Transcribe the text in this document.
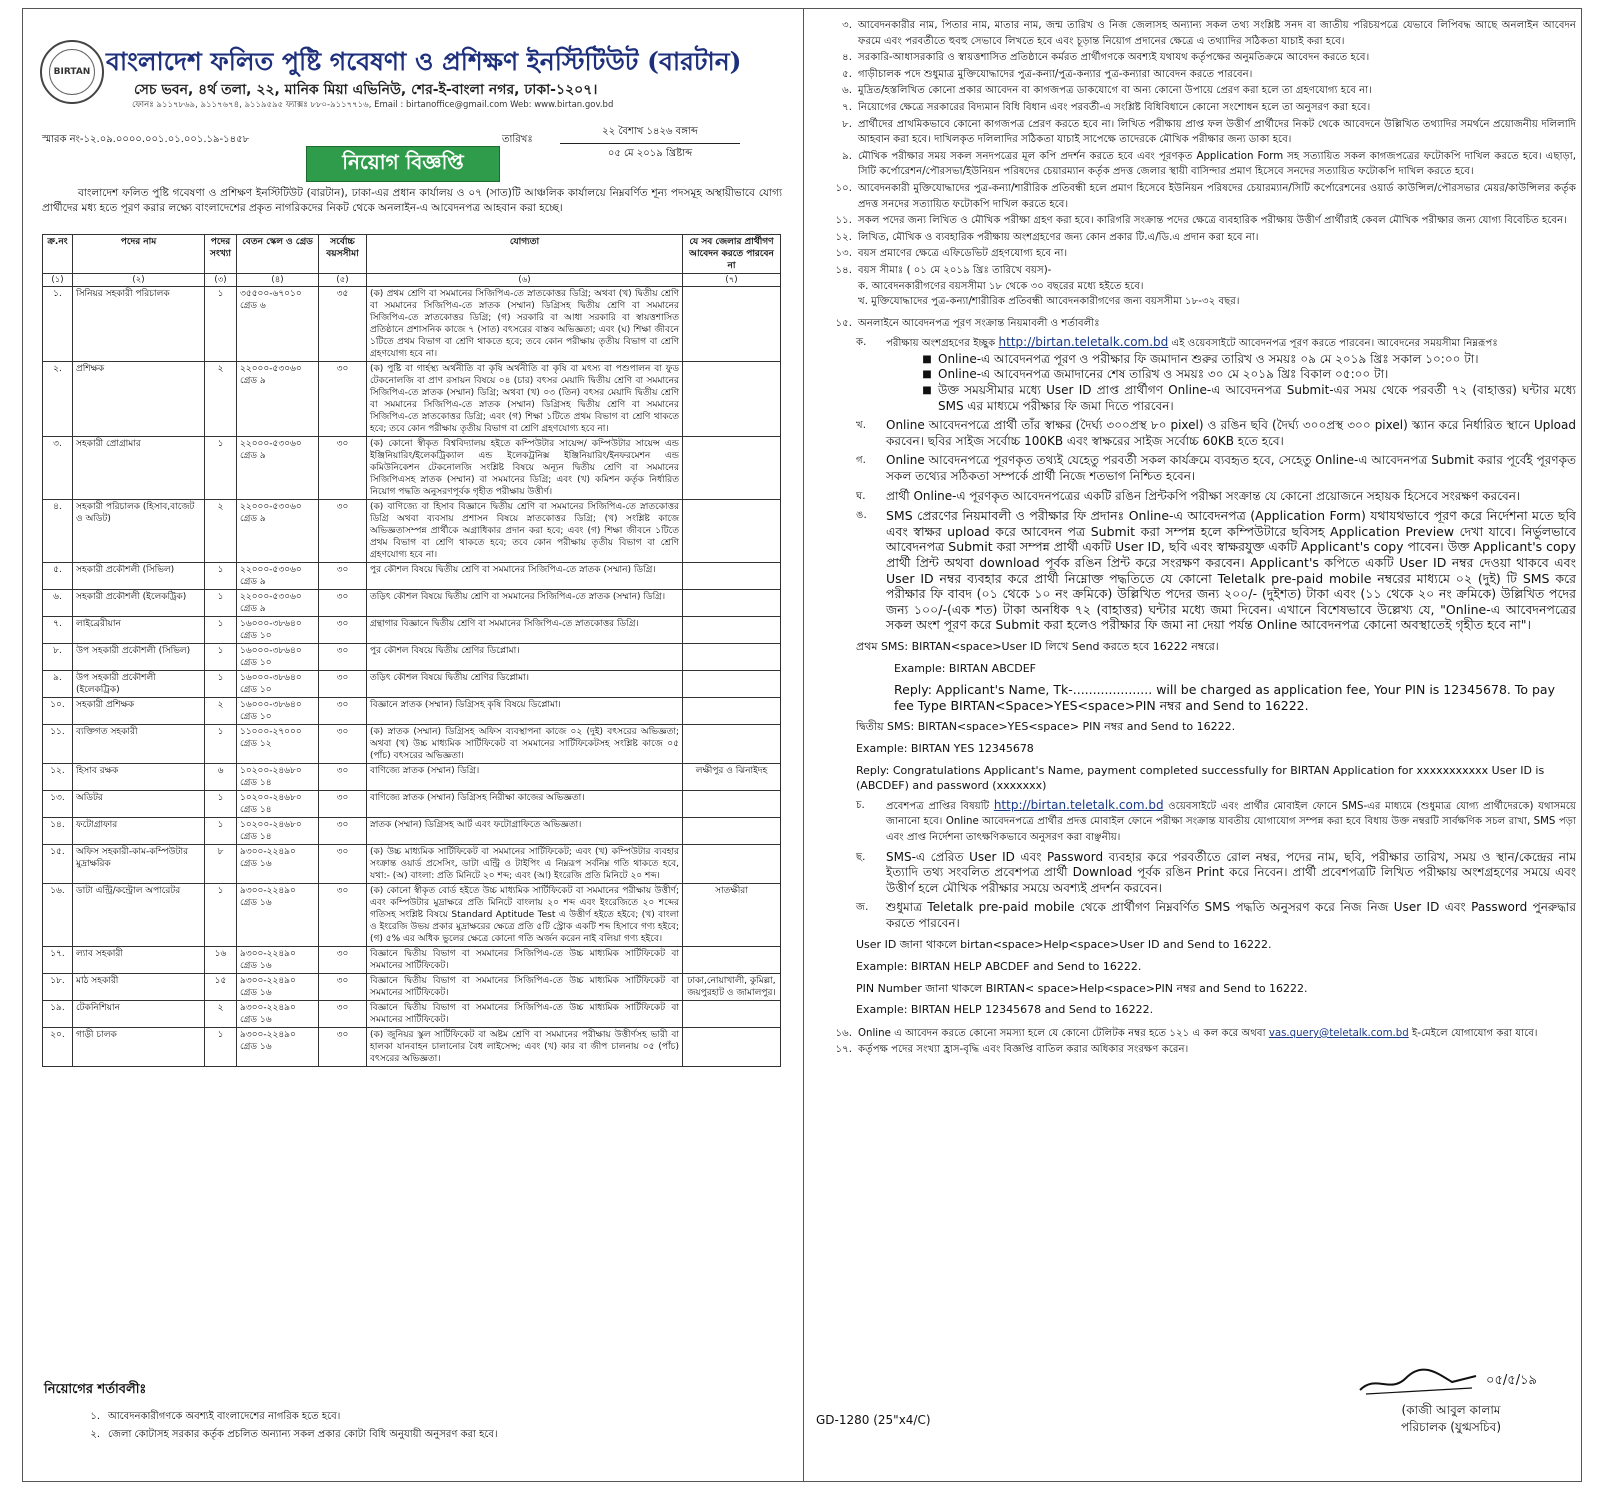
BIRTAN বাংলাদেশ ফলিত পুষ্টি গবেষণা ও প্রশিক্ষণ ইনস্টিটিউট (বারটান)
সেচ ভবন, ৪র্থ তলা, ২২, মানিক মিয়া এভিনিউ, শের-ই-বাংলা নগর, ঢাকা-১২০৭।
ফোনঃ ৯১১৭৮৬৯, ৯১১৭৬৭৪, ৯১১৯৫৯৫ ফ্যাক্সঃ ৮৮০-৯১১৭৭১৬, Email : birtanoffice@gmail.com Web: www.birtan.gov.bd
স্মারক নং-১২.০৯.০০০০.০০১.০১.০০১.১৯-১৪৫৮	তারিখঃ
২২ বৈশাখ ১৪২৬ বঙ্গাব্দ
০৫ মে ২০১৯ খ্রিষ্টাব্দ
নিয়োগ বিজ্ঞপ্তি
বাংলাদেশ ফলিত পুষ্টি গবেষণা ও প্রশিক্ষণ ইনস্টিটিউট (বারটান), ঢাকা-এর প্রধান কার্যালয় ও ০৭ (সাত)টি আঞ্চলিক কার্যালয়ে নিম্নবর্ণিত শূন্য পদসমূহ অস্থায়ীভাবে যোগ্য প্রার্থীদের মধ্য হতে পূরণ করার লক্ষ্যে বাংলাদেশের প্রকৃত নাগরিকদের নিকট থেকে অনলাইন-এ আবেদনপত্র আহবান করা হচ্ছে।
ক্র.নং	পদের নাম	পদের সংখ্যা	বেতন স্কেল ও গ্রেড	সর্বোচ্চ বয়সসীমা	যোগ্যতা	যে সব জেলার প্রার্থীগণ আবেদন করতে পারবেন না
(১)	(২)	(৩)	(৪)	(৫)	(৬)	(৭)
১.	সিনিয়র সহকারী পরিচালক	১	৩৫৫০০-৬৭০১০ গ্রেড ৬	৩৫	(ক) প্রথম শ্রেণি বা সমমানের সিজিপিএ-তে স্নাতকোত্তর ডিগ্রি; অথবা (খ) দ্বিতীয় শ্রেণি বা সমমানের সিজিপিএ-তে স্নাতক (সম্মান) ডিগ্রিসহ দ্বিতীয় শ্রেণি বা সমমানের সিজিপিএ-তে স্নাতকোত্তর ডিগ্রি; (গ) সরকারি বা আধা সরকারি বা স্বায়ত্তশাসিত প্রতিষ্ঠানে প্রশাসনিক কাজে ৭ (সাত) বৎসরের বাস্তব অভিজ্ঞতা; এবং (ঘ) শিক্ষা জীবনে ১টিতে প্রথম বিভাগ বা শ্রেণি থাকতে হবে; তবে কোন পরীক্ষায় তৃতীয় বিভাগ বা শ্রেণি গ্রহণযোগ্য হবে না।	
২.	প্রশিক্ষক	২	২২০০০-৫৩০৬০ গ্রেড ৯	৩০	(ক) পুষ্টি বা গার্হস্থ্য অর্থনীতি বা কৃষি অর্থনীতি বা কৃষি বা মৎস্য বা পশুপালন বা ফুড টেকনোলজি বা প্রাণ রসায়ন বিষয়ে ০৪ (চার) বৎসর মেয়াদি দ্বিতীয় শ্রেণি বা সমমানের সিজিপিএ-তে স্নাতক (সম্মান) ডিগ্রি; অথবা (খ) ০৩ (তিন) বৎসর মেয়াদি দ্বিতীয় শ্রেণি বা সমমানের সিজিপিএ-তে স্নাতক (সম্মান) ডিগ্রিসহ দ্বিতীয় শ্রেণি বা সমমানের সিজিপিএ-তে স্নাতকোত্তর ডিগ্রি; এবং (গ) শিক্ষা ১টিতে প্রথম বিভাগ বা শ্রেণি থাকতে হবে; তবে কোন পরীক্ষায় তৃতীয় বিভাগ বা শ্রেণি গ্রহণযোগ্য হবে না।	
৩.	সহকারী প্রোগ্রামার	১	২২০০০-৫৩০৬০ গ্রেড ৯	৩০	(ক) কোনো স্বীকৃত বিশ্ববিদ্যালয় হইতে কম্পিউটার সায়েন্স/ কম্পিউটার সায়েন্স এন্ড ইঞ্জিনিয়ারিং/ইলেকট্রিক্যাল এন্ড ইলেকট্রনিক্স ইঞ্জিনিয়ারিং/ইনফরমেশন এন্ড কমিউনিকেশন টেকনোলজি সংশ্লিষ্ট বিষয়ে অন্যূন দ্বিতীয় শ্রেণি বা সমমানের সিজিপিএসহ স্নাতক (সম্মান) বা সমমানের ডিগ্রি; এবং (খ) কমিশন কর্তৃক নির্ধারিত নিয়োগ পদ্ধতি অনুসরণপূর্বক গৃহীত পরীক্ষায় উত্তীর্ণ।	
৪.	সহকারী পরিচালক (হিসাব,বাজেট ও অডিট)	২	২২০০০-৫৩০৬০ গ্রেড ৯	৩০	(ক) বাণিজ্যে বা হিসাব বিজ্ঞানে দ্বিতীয় শ্রেণি বা সমমানের সিজিপিএ-তে স্নাতকোত্তর ডিগ্রি অথবা ব্যবসায় প্রশাসন বিষয়ে স্নাতকোত্তর ডিগ্রি; (খ) সংশ্লিষ্ট কাজে অভিজ্ঞতাসম্পন্ন প্রার্থীকে অগ্রাধিকার প্রদান করা হবে; এবং (গ) শিক্ষা জীবনে ১টিতে প্রথম বিভাগ বা শ্রেণি থাকতে হবে; তবে কোন পরীক্ষায় তৃতীয় বিভাগ বা শ্রেণি গ্রহণযোগ্য হবে না।	
৫.	সহকারী প্রকৌশলী (সিভিল)	১	২২০০০-৫৩০৬০ গ্রেড ৯	৩০	পুর কৌশল বিষয়ে দ্বিতীয় শ্রেণি বা সমমানের সিজিপিএ-তে স্নাতক (সম্মান) ডিগ্রি।	
৬.	সহকারী প্রকৌশলী (ইলেকট্রিক)	১	২২০০০-৫৩০৬০ গ্রেড ৯	৩০	তড়িৎ কৌশল বিষয়ে দ্বিতীয় শ্রেণি বা সমমানের সিজিপিএ-তে স্নাতক (সম্মান) ডিগ্রি।	
৭.	লাইব্রেরীয়ান	১	১৬০০০-৩৮৬৪০ গ্রেড ১০	৩০	গ্রন্থাগার বিজ্ঞানে দ্বিতীয় শ্রেণি বা সমমানের সিজিপিএ-তে স্নাতকোত্তর ডিগ্রি।	
৮.	উপ সহকারী প্রকৌশলী (সিভিল)	১	১৬০০০-৩৮৬৪০ গ্রেড ১০	৩০	পুর কৌশল বিষয়ে দ্বিতীয় শ্রেণির ডিপ্লোমা।	
৯.	উপ সহকারী প্রকৌশলী (ইলেকট্রিক)	১	১৬০০০-৩৮৬৪০ গ্রেড ১০	৩০	তড়িৎ কৌশল বিষয়ে দ্বিতীয় শ্রেণির ডিপ্লোমা।	
১০.	সহকারী প্রশিক্ষক	২	১৬০০০-৩৮৬৪০ গ্রেড ১০	৩০	বিজ্ঞানে স্নাতক (সম্মান) ডিগ্রিসহ কৃষি বিষয়ে ডিপ্লোমা।	
১১.	ব্যক্তিগত সহকারী	১	১১০০০-২৭০০০ গ্রেড ১২	৩০	(ক) স্নাতক (সম্মান) ডিগ্রিসহ অফিস ব্যবস্থাপনা কাজে ০২ (দুই) বৎসরের অভিজ্ঞতা; অথবা (খ) উচ্চ মাধ্যমিক সার্টিফিকেট বা সমমানের সার্টিফিকেটসহ সংশ্লিষ্ট কাজে ০৫ (পাঁচ) বৎসরের অভিজ্ঞতা।	
১২.	হিসাব রক্ষক	৬	১০২০০-২৪৬৮০ গ্রেড ১৪	৩০	বাণিজ্যে স্নাতক (সম্মান) ডিগ্রি।	লক্ষীপুর ও ঝিনাইদহ
১৩.	অডিটর	১	১০২০০-২৪৬৮০ গ্রেড ১৪	৩০	বাণিজ্যে স্নাতক (সম্মান) ডিগ্রিসহ নিরীক্ষা কাজের অভিজ্ঞতা।	
১৪.	ফটোগ্রাফার	১	১০২০০-২৪৬৮০ গ্রেড ১৪	৩০	স্নাতক (সম্মান) ডিগ্রিসহ আর্ট এবং ফটোগ্রাফিতে অভিজ্ঞতা।	
১৫.	অফিস সহকারী-কাম-কম্পিউটার মুদ্রাক্ষরিক	৮	৯৩০০-২২৪৯০ গ্রেড ১৬	৩০	(ক) উচ্চ মাধ্যমিক সার্টিফিকেট বা সমমানের সার্টিফিকেট; এবং (খ) কম্পিউটার ব্যবহার সংক্রান্ত ওয়ার্ড প্রসেসিং, ডাটা এন্ট্রি ও টাইপিং এ নিম্নরূপ সর্বনিম্ন গতি থাকতে হবে, যথা:- (অ) বাংলা: প্রতি মিনিটে ২০ শব্দ; এবং (আ) ইংরেজি প্রতি মিনিটে ২০ শব্দ।	
১৬.	ডাটা এন্ট্রি/কন্ট্রোল অপারেটর	১	৯৩০০-২২৪৯০ গ্রেড ১৬	৩০	(ক) কোনো স্বীকৃত বোর্ড হইতে উচ্চ মাধ্যমিক সার্টিফিকেট বা সমমানের পরীক্ষায় উত্তীর্ণ; এবং কম্পিউটার মুদ্রাক্ষরে প্রতি মিনিটে বাংলায় ২০ শব্দ এবং ইংরেজিতে ২০ শব্দের গতিসহ সংশ্লিষ্ট বিষয়ে Standard Aptitude Test এ উত্তীর্ণ হইতে হইবে; (খ) বাংলা ও ইংরেজি উভয় প্রকার মুদ্রাক্ষরের ক্ষেত্রে প্রতি ৫টি স্ট্রোক একটি শব্দ হিসাবে গণ্য হইবে; (গ) ৫% এর অধিক ভুলের ক্ষেত্রে কোনো গতি অর্জন করেন নাই বলিয়া গণ্য হইবে।	সাতক্ষীরা
১৭.	ল্যাব সহকারী	১৬	৯৩০০-২২৪৯০ গ্রেড ১৬	৩০	বিজ্ঞানে দ্বিতীয় বিভাগ বা সমমানের সিজিপিএ-তে উচ্চ মাধ্যমিক সার্টিফিকেট বা সমমানের সার্টিফিকেট।	
১৮.	মাঠ সহকারী	১৫	৯৩০০-২২৪৯০ গ্রেড ১৬	৩০	বিজ্ঞানে দ্বিতীয় বিভাগ বা সমমানের সিজিপিএ-তে উচ্চ মাধ্যমিক সার্টিফিকেট বা সমমানের সার্টিফিকেট।	ঢাকা,নোয়াখালী, কুমিল্লা, জয়পুরহাট ও জামালপুর।
১৯.	টেকনিশিয়ান	২	৯৩০০-২২৪৯০ গ্রেড ১৬	৩০	বিজ্ঞানে দ্বিতীয় বিভাগ বা সমমানের সিজিপিএ-তে উচ্চ মাধ্যমিক সার্টিফিকেট বা সমমানের সার্টিফিকেট।	
২০.	গাড়ী চালক	১	৯৩০০-২২৪৯০ গ্রেড ১৬	৩০	(ক) জুনিয়র স্কুল সার্টিফিকেট বা অষ্টম শ্রেণি বা সমমানের পরীক্ষায় উত্তীর্ণসহ ভারী বা হালকা যানবাহন চালানোর বৈধ লাইসেন্স; এবং (খ) কার বা জীপ চালনায় ০৫ (পাঁচ) বৎসরের অভিজ্ঞতা।	
নিয়োগের শর্তাবলীঃ
১. আবেদনকারীগণকে অবশ্যই বাংলাদেশের নাগরিক হতে হবে।
২. জেলা কোটাসহ সরকার কর্তৃক প্রচলিত অন্যান্য সকল প্রকার কোটা বিধি অনুযায়ী অনুসরণ করা হবে।
৩. আবেদনকারীর নাম, পিতার নাম, মাতার নাম, জন্ম তারিখ ও নিজ জেলাসহ অন্যান্য সকল তথ্য সংশ্লিষ্ট সনদ বা জাতীয় পরিচয়পত্রে যেভাবে লিপিবদ্ধ আছে অনলাইন আবেদন ফরমে এবং পরবর্তীতে হুবহু সেভাবে লিখতে হবে এবং চূড়ান্ত নিয়োগ প্রদানের ক্ষেত্রে এ তথ্যাদির সঠিকতা যাচাই করা হবে।
৪. সরকারি-আধাসরকারি ও স্বায়ত্তশাসিত প্রতিষ্ঠানে কর্মরত প্রার্থীগণকে অবশ্যই যথাযথ কর্তৃপক্ষের অনুমতিক্রমে আবেদন করতে হবে।
৫. গাড়ীচালক পদে শুধুমাত্র মুক্তিযোদ্ধাদের পুত্র-কন্যা/পুত্র-কন্যার পুত্র-কন্যারা আবেদন করতে পারবেন।
৬. মুদ্রিত/হস্তলিখিত কোনো প্রকার আবেদন বা কাগজপত্র ডাকযোগে বা অন্য কোনো উপায়ে প্রেরণ করা হলে তা গ্রহণযোগ্য হবে না।
৭. নিয়োগের ক্ষেত্রে সরকারের বিদ্যমান বিধি বিধান এবং পরবর্তী-এ সংশ্লিষ্ট বিধিবিধানে কোনো সংশোধন হলে তা অনুসরণ করা হবে।
৮. প্রার্থীদের প্রাথমিকভাবে কোনো কাগজপত্র প্রেরণ করতে হবে না। লিখিত পরীক্ষায় প্রাপ্ত ফল উত্তীর্ণ প্রার্থীদের নিকট থেকে আবেদনে উল্লিখিত তথ্যাদির সমর্থনে প্রয়োজনীয় দলিলাদি আহবান করা হবে। দাখিলকৃত দলিলাদির সঠিকতা যাচাই সাপেক্ষে তাদেরকে মৌখিক পরীক্ষার জন্য ডাকা হবে।
৯. মৌখিক পরীক্ষার সময় সকল সনদপত্রের মূল কপি প্রদর্শন করতে হবে এবং পূরণকৃত Application Form সহ সত্যায়িত সকল কাগজপত্রের ফটোকপি দাখিল করতে হবে। এছাড়া, সিটি কর্পোরেশন/পৌরসভা/ইউনিয়ন পরিষদের চেয়ারম্যান কর্তৃক প্রদত্ত জেলার স্থায়ী বাসিন্দার প্রমাণ হিসেবে সনদের সত্যায়িত ফটোকপি দাখিল করতে হবে।
১০. আবেদনকারী মুক্তিযোদ্ধাদের পুত্র-কন্যা/শারীরিক প্রতিবন্ধী হলে প্রমাণ হিসেবে ইউনিয়ন পরিষদের চেয়ারম্যান/সিটি কর্পোরেশনের ওয়ার্ড কাউন্সিল/পৌরসভার মেয়র/কাউন্সিলর কর্তৃক প্রদত্ত সনদের সত্যায়িত ফটোকপি দাখিল করতে হবে।
১১. সকল পদের জন্য লিখিত ও মৌখিক পরীক্ষা গ্রহণ করা হবে। কারিগরি সংক্রান্ত পদের ক্ষেত্রে ব্যবহারিক পরীক্ষায় উত্তীর্ণ প্রার্থীরাই কেবল মৌখিক পরীক্ষার জন্য যোগ্য বিবেচিত হবেন।
১২. লিখিত, মৌখিক ও ব্যবহারিক পরীক্ষায় অংশগ্রহণের জন্য কোন প্রকার টি.এ/ডি.এ প্রদান করা হবে না।
১৩. বয়স প্রমাণের ক্ষেত্রে এফিডেভিট গ্রহণযোগ্য হবে না।
১৪. বয়স সীমাঃ ( ০১ মে ২০১৯ খ্রিঃ তারিখে বয়স)-
ক. আবেদনকারীগণের বয়সসীমা ১৮ থেকে ৩০ বছরের মধ্যে হইতে হবে।
খ. মুক্তিযোদ্ধাদের পুত্র-কন্যা/শারীরিক প্রতিবন্ধী আবেদনকারীগণের জন্য বয়সসীমা ১৮-৩২ বছর।
১৫. অনলাইনে আবেদনপত্র পূরণ সংক্রান্ত নিয়মাবলী ও শর্তাবলীঃ
ক.	পরীক্ষায় অংশগ্রহণের ইচ্ছুক http://birtan.teletalk.com.bd এই ওয়েবসাইটে আবেদনপত্র পূরণ করতে পারবেন। আবেদনের সময়সীমা নিম্নরূপঃ
■ Online-এ আবেদনপত্র পূরণ ও পরীক্ষার ফি জমাদান শুরুর তারিখ ও সময়ঃ ০৯ মে ২০১৯ খ্রিঃ সকাল ১০:০০ টা।
■ Online-এ আবেদনপত্র জমাদানের শেষ তারিখ ও সময়ঃ ৩০ মে ২০১৯ খ্রিঃ বিকাল ০৫:০০ টা।
■ উক্ত সময়সীমার মধ্যে User ID প্রাপ্ত প্রার্থীগণ Online-এ আবেদনপত্র Submit-এর সময় থেকে পরবর্তী ৭২ (বাহাত্তর) ঘন্টার মধ্যে SMS এর মাধ্যমে পরীক্ষার ফি জমা দিতে পারবেন।
খ.	Online আবেদনপত্রে প্রার্থী তাঁর স্বাক্ষর (দৈর্ঘ্য ৩০০প্রস্থ ৮০ pixel) ও রঙিন ছবি (দৈর্ঘ্য ৩০০প্রস্থ ৩০০ pixel) স্ক্যান করে নির্ধারিত স্থানে Upload করবেন। ছবির সাইজ সর্বোচ্চ 100KB এবং স্বাক্ষরের সাইজ সর্বোচ্চ 60KB হতে হবে।
গ.	Online আবেদনপত্রে পূরণকৃত তথ্যই যেহেতু পরবর্তী সকল কার্যক্রমে ব্যবহৃত হবে, সেহেতু Online-এ আবেদনপত্র Submit করার পূর্বেই পূরণকৃত সকল তথ্যের সঠিকতা সম্পর্কে প্রার্থী নিজে শতভাগ নিশ্চিত হবেন।
ঘ.	প্রার্থী Online-এ পূরণকৃত আবেদনপত্রের একটি রঙিন প্রিন্টকপি পরীক্ষা সংক্রান্ত যে কোনো প্রয়োজনে সহায়ক হিসেবে সংরক্ষণ করবেন।
ঙ.	SMS প্রেরণের নিয়মাবলী ও পরীক্ষার ফি প্রদানঃ Online-এ আবেদনপত্র (Application Form) যথাযথভাবে পূরণ করে নির্দেশনা মতে ছবি এবং স্বাক্ষর upload করে আবেদন পত্র Submit করা সম্পন্ন হলে কম্পিউটারে ছবিসহ Application Preview দেখা যাবে। নির্ভুলভাবে আবেদনপত্র Submit করা সম্পন্ন প্রার্থী একটি User ID, ছবি এবং স্বাক্ষরযুক্ত একটি Applicant's copy পাবেন। উক্ত Applicant's copy প্রার্থী প্রিন্ট অথবা download পূর্বক রঙিন প্রিন্ট করে সংরক্ষণ করবেন। Applicant's কপিতে একটি User ID নম্বর দেওয়া থাকবে এবং User ID নম্বর ব্যবহার করে প্রার্থী নিম্নোক্ত পদ্ধতিতে যে কোনো Teletalk pre-paid mobile নম্বরের মাধ্যমে ০২ (দুই) টি SMS করে পরীক্ষার ফি বাবদ (০১ থেকে ১০ নং ক্রমিকে) উল্লিখিত পদের জন্য ২০০/- (দুইশত) টাকা এবং (১১ থেকে ২০ নং ক্রমিকে) উল্লিখিত পদের জন্য ১০০/-(এক শত) টাকা অনধিক ৭২ (বাহাত্তর) ঘন্টার মধ্যে জমা দিবেন। এখানে বিশেষভাবে উল্লেখ্য যে, "Online-এ আবেদনপত্রের সকল অংশ পূরণ করে Submit করা হলেও পরীক্ষার ফি জমা না দেয়া পর্যন্ত Online আবেদনপত্র কোনো অবস্থাতেই গৃহীত হবে না"।
প্রথম SMS: BIRTAN<space>User ID লিখে Send করতে হবে 16222 নম্বরে।
Example: BIRTAN ABCDEF
Reply: Applicant's Name, Tk-.................... will be charged as application fee, Your PIN is 12345678. To pay fee Type BIRTAN<Space>YES<space>PIN নম্বর and Send to 16222.
দ্বিতীয় SMS: BIRTAN<space>YES<space> PIN নম্বর and Send to 16222.
Example: BIRTAN YES 12345678
Reply: Congratulations Applicant's Name, payment completed successfully for BIRTAN Application for xxxxxxxxxxx User ID is (ABCDEF) and password (xxxxxxx)
চ.	প্রবেশপত্র প্রাপ্তির বিষয়টি http://birtan.teletalk.com.bd ওয়েবসাইটে এবং প্রার্থীর মোবাইল ফোনে SMS-এর মাধ্যমে (শুধুমাত্র যোগ্য প্রার্থীদেরকে) যথাসময়ে জানানো হবে। Online আবেদনপত্রে প্রার্থীর প্রদত্ত মোবাইল ফোনে পরীক্ষা সংক্রান্ত যাবতীয় যোগাযোগ সম্পন্ন করা হবে বিধায় উক্ত নম্বরটি সার্বক্ষণিক সচল রাখা, SMS পড়া এবং প্রাপ্ত নির্দেশনা তাৎক্ষণিকভাবে অনুসরণ করা বাঞ্ছনীয়।
ছ.	SMS-এ প্রেরিত User ID এবং Password ব্যবহার করে পরবর্তীতে রোল নম্বর, পদের নাম, ছবি, পরীক্ষার তারিখ, সময় ও স্থান/কেন্দ্রের নাম ইত্যাদি তথ্য সংবলিত প্রবেশপত্র প্রার্থী Download পূর্বক রঙিন Print করে নিবেন। প্রার্থী প্রবেশপত্রটি লিখিত পরীক্ষায় অংশগ্রহণের সময়ে এবং উত্তীর্ণ হলে মৌখিক পরীক্ষার সময়ে অবশ্যই প্রদর্শন করবেন।
জ.	শুধুমাত্র Teletalk pre-paid mobile থেকে প্রার্থীগণ নিম্নবর্ণিত SMS পদ্ধতি অনুসরণ করে নিজ নিজ User ID এবং Password পুনরুদ্ধার করতে পারবেন।
User ID জানা থাকলে birtan<space>Help<space>User ID and Send to 16222.
Example: BIRTAN HELP ABCDEF and Send to 16222.
PIN Number জানা থাকলে BIRTAN< space>Help<space>PIN নম্বর and Send to 16222.
Example: BIRTAN HELP 12345678 and Send to 16222.
১৬. Online এ আবেদন করতে কোনো সমস্যা হলে যে কোনো টেলিটক নম্বর হতে ১২১ এ কল করে অথবা vas.query@teletalk.com.bd ই-মেইলে যোগাযোগ করা যাবে।
১৭. কর্তৃপক্ষ পদের সংখ্যা হ্রাস-বৃদ্ধি এবং বিজ্ঞপ্তি বাতিল করার অধিকার সংরক্ষণ করেন।
GD-1280 (25"x4/C)
০৫/৫/১৯
(কাজী আবুল কালাম
পরিচালক (যুগ্মসচিব)
